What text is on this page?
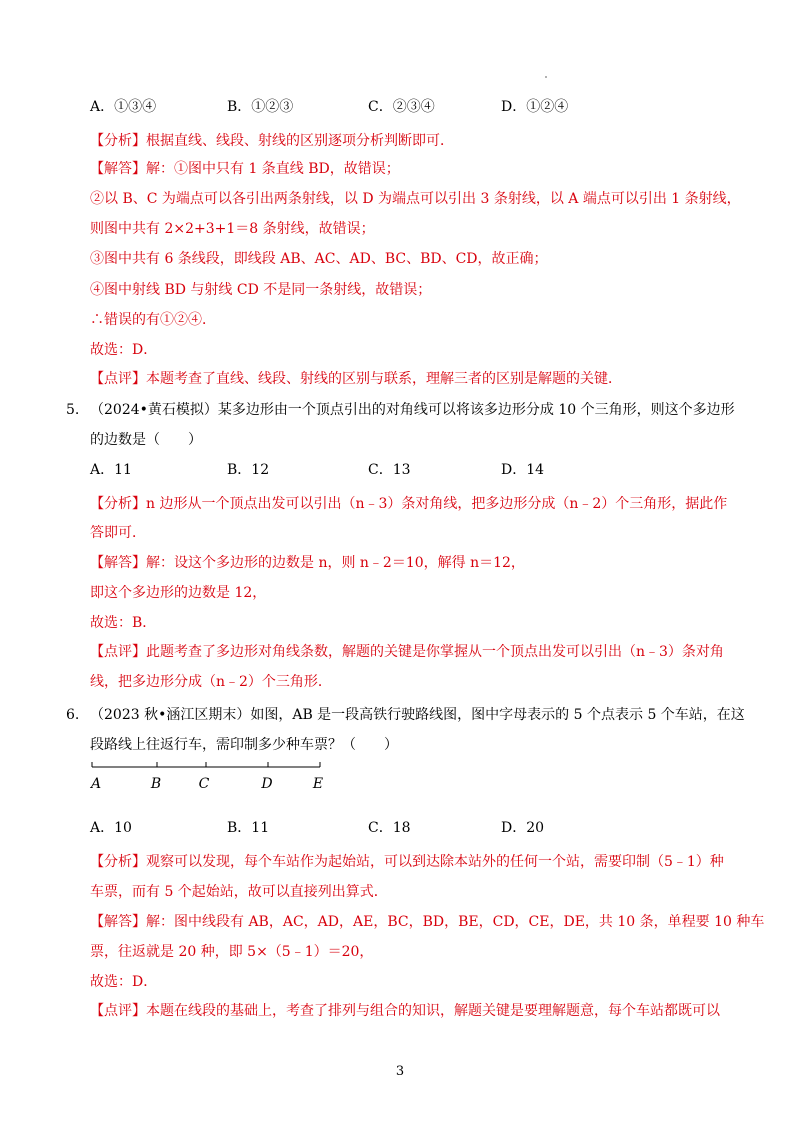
A．①③④	B．①②③	C．②③④	D．①②④
【分析】根据直线、线段、射线的区别逐项分析判断即可．
【解答】解：①图中只有 1 条直线 BD，故错误；
②以 B、C 为端点可以各引出两条射线，以 D 为端点可以引出 3 条射线，以 A 端点可以引出 1 条射线，
则图中共有 2×2+3+1＝8 条射线，故错误；
③图中共有 6 条线段，即线段 AB、AC、AD、BC、BD、CD，故正确；
④图中射线 BD 与射线 CD 不是同一条射线，故错误；
∴错误的有①②④．
故选：D．
【点评】本题考查了直线、线段、射线的区别与联系，理解三者的区别是解题的关键．
5. （2024•黄石模拟）某多边形由一个顶点引出的对角线可以将该多边形分成 10 个三角形，则这个多边形
的边数是（　　）
A．11	B．12	C．13	D．14
【分析】n 边形从一个顶点出发可以引出（n﹣3）条对角线，把多边形分成（n﹣2）个三角形，据此作
答即可．
【解答】解：设这个多边形的边数是 n，则 n﹣2＝10，解得 n＝12，
即这个多边形的边数是 12，
故选：B．
【点评】此题考查了多边形对角线条数，解题的关键是你掌握从一个顶点出发可以引出（n﹣3）条对角
线，把多边形分成（n﹣2）个三角形．
6. （2023 秋•涵江区期末）如图，AB 是一段高铁行驶路线图，图中字母表示的 5 个点表示 5 个车站，在这
段路线上往返行车，需印制多少种车票？（　　）
A	B	C	D	E
A．10	B．11	C．18	D．20
【分析】观察可以发现，每个车站作为起始站，可以到达除本站外的任何一个站，需要印制（5﹣1）种
车票，而有 5 个起始站，故可以直接列出算式．
【解答】解：图中线段有 AB，AC，AD，AE，BC，BD，BE，CD，CE，DE，共 10 条，单程要 10 种车
票，往返就是 20 种，即 5×（5﹣1）＝20，
故选：D．
【点评】本题在线段的基础上，考查了排列与组合的知识，解题关键是要理解题意，每个车站都既可以
3
